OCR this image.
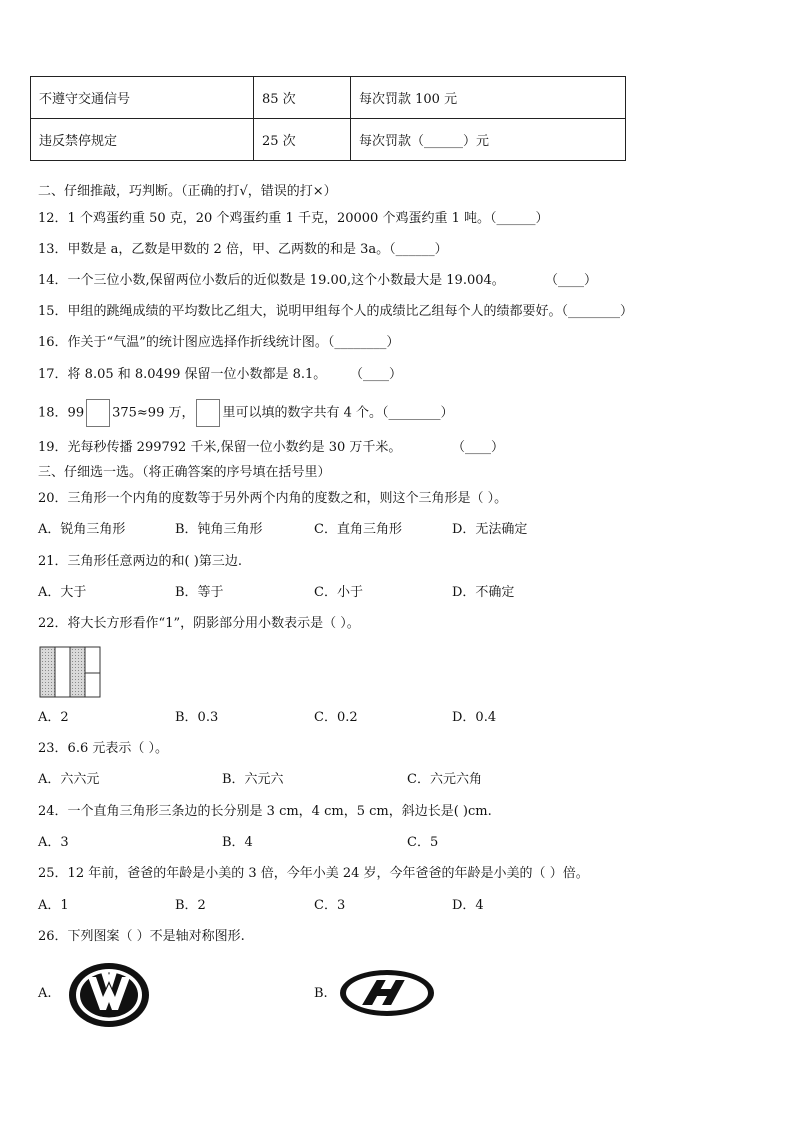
不遵守交通信号	85 次	每次罚款 100 元
违反禁停规定	25 次	每次罚款（______）元
二、仔细推敲，巧判断。（正确的打√，错误的打×）
12．1 个鸡蛋约重 50 克，20 个鸡蛋约重 1 千克，20000 个鸡蛋约重 1 吨。（______）
13．甲数是 a，乙数是甲数的 2 倍，甲、乙两数的和是 3a。（______）
14．一个三位小数,保留两位小数后的近似数是 19.00,这个小数最大是 19.004。	（____）
15．甲组的跳绳成绩的平均数比乙组大，说明甲组每个人的成绩比乙组每个人的绩都要好。（________）
16．作关于“气温”的统计图应选择作折线统计图。（________）
17．将 8.05 和 8.0499 保留一位小数都是 8.1。 （____）
18．99 375≈99 万， 里可以填的数字共有 4 个。（________）
19．光每秒传播 299792 千米,保留一位小数约是 30 万千米。	（____）
三、仔细选一选。（将正确答案的序号填在括号里）
20．三角形一个内角的度数等于另外两个内角的度数之和，则这个三角形是（ ）。
A．锐角三角形	B．钝角三角形	C．直角三角形	D．无法确定
21．三角形任意两边的和( )第三边.
A．大于	B．等于	C．小于	D．不确定
22．将大长方形看作“1”，阴影部分用小数表示是（ ）。
A．2	B．0.3	C．0.2	D．0.4
23．6.6 元表示（ ）。
A．六六元	B．六元六	C．六元六角
24．一个直角三角形三条边的长分别是 3 cm，4 cm，5 cm，斜边长是( )cm.
A．3	B．4	C．5
25．12 年前，爸爸的年龄是小美的 3 倍，今年小美 24 岁，今年爸爸的年龄是小美的（ ）倍。
A．1	B．2	C．3	D．4
26．下列图案（ ）不是轴对称图形.
A.	B.
